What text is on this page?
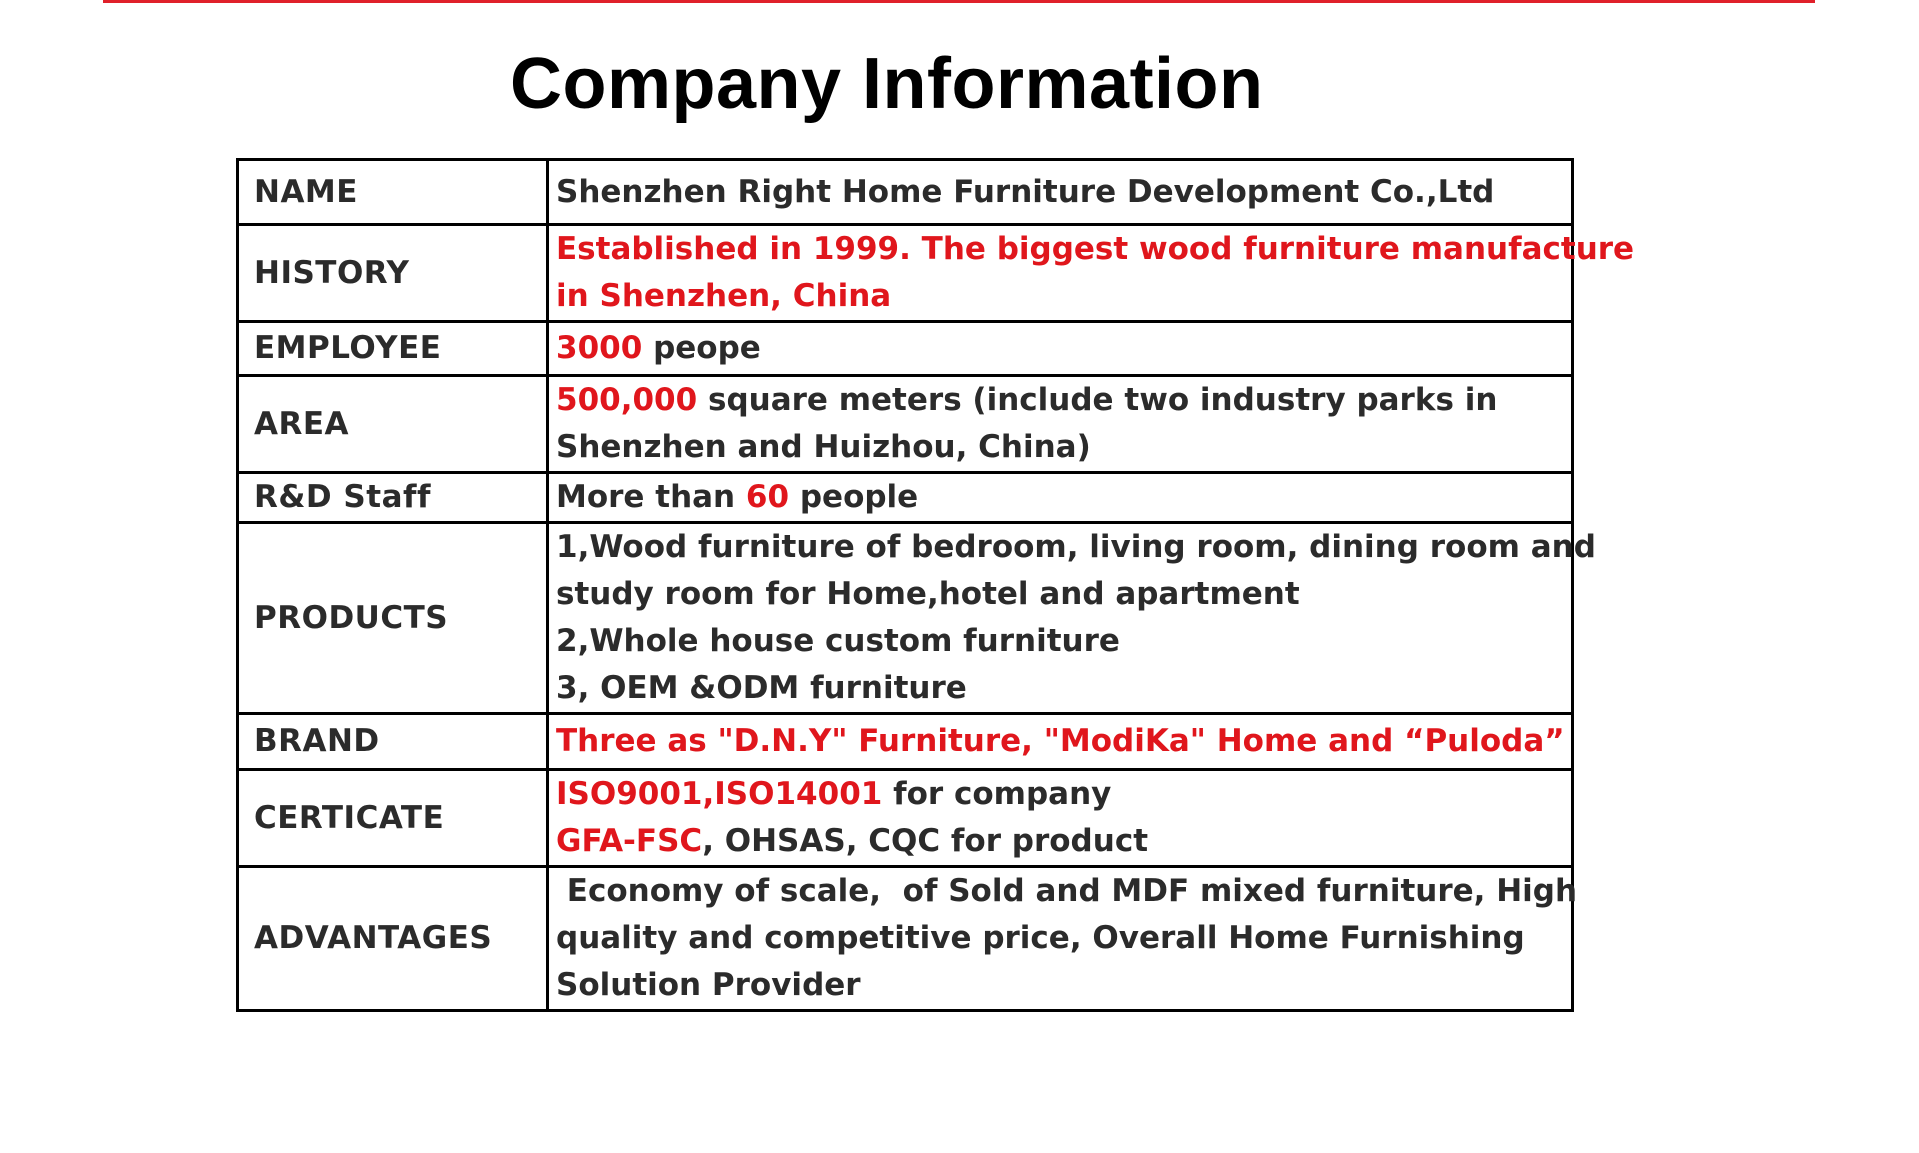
Company Information
NAME	Shenzhen Right Home Furniture Development Co.,Ltd

HISTORY	Established in 1999. The biggest wood furniture manufacture
in Shenzhen, China

EMPLOYEE	3000 peope

AREA	500,000 square meters (include two industry parks in
Shenzhen and Huizhou, China)

R&D Staff	More than 60 people

PRODUCTS	1,Wood furniture of bedroom, living room, dining room and
study room for Home,hotel and apartment
2,Whole house custom furniture
3, OEM &ODM furniture

BRAND	Three as "D.N.Y" Furniture, "ModiKa" Home and “Puloda”

CERTICATE	ISO9001,ISO14001 for company
GFA-FSC, OHSAS, CQC for product

ADVANTAGES	Economy of scale,  of Sold and MDF mixed furniture, High
quality and competitive price, Overall Home Furnishing
Solution Provider
